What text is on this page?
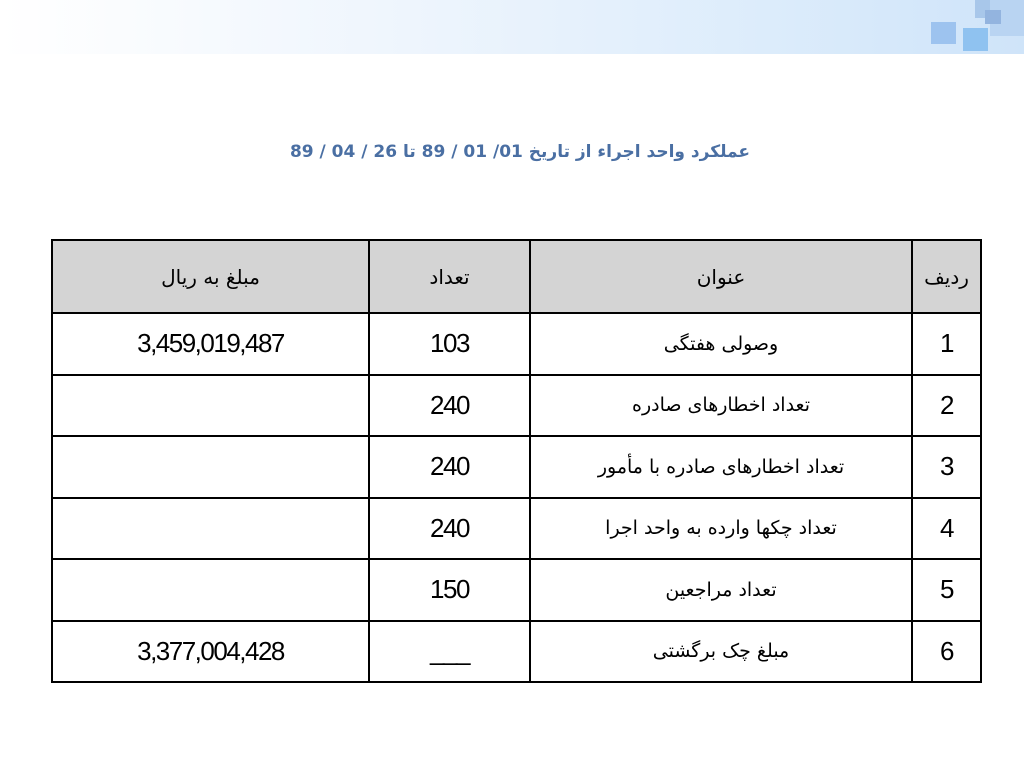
عملکرد واحد اجراء از تاریخ 01/ 01 / 89 تا 26 / 04 / 89
مبلغ به ریال	تعداد	عنوان	ردیف
3,459,019,487	103	وصولی هفتگی	1
	240	تعداد اخطارهای صادره	2
	240	تعداد اخطارهای صادره با مأمور	3
	240	تعداد چکها وارده به واحد اجرا	4
	150	تعداد مراجعین	5
3,377,004,428	___	مبلغ چک برگشتی	6
